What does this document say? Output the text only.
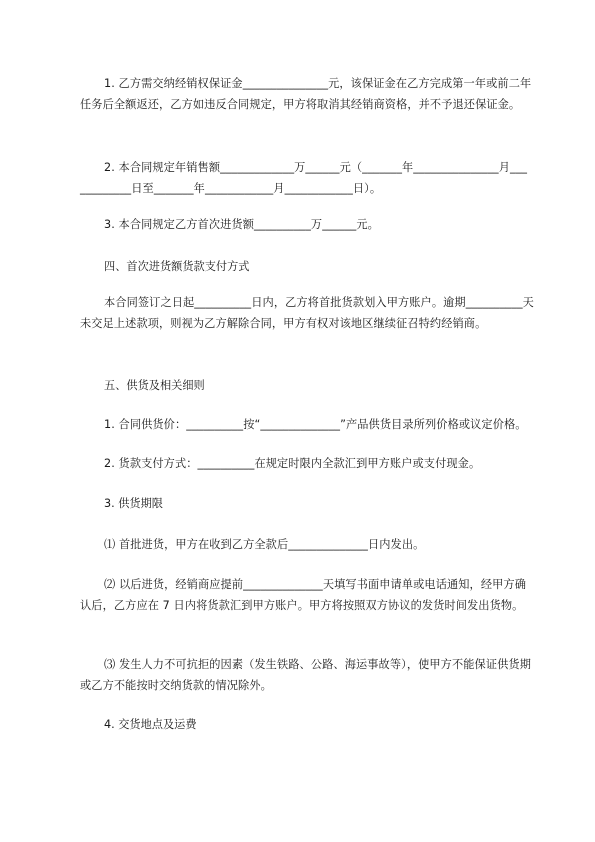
1. 乙方需交纳经销权保证金_______________元，该保证金在乙方完成第一年或前二年任务后全额返还，乙方如违反合同规定，甲方将取消其经销商资格，并不予退还保证金。
2. 本合同规定年销售额_____________万______元（_______年_______________月____________日至_______年____________月____________日）。
3. 本合同规定乙方首次进货额__________万______元。
四、首次进货额货款支付方式
本合同签订之日起__________日内，乙方将首批货款划入甲方账户。逾期__________天未交足上述款项，则视为乙方解除合同，甲方有权对该地区继续征召特约经销商。
五、供货及相关细则
1. 合同供货价：__________按“______________”产品供货目录所列价格或议定价格。
2. 货款支付方式：__________在规定时限内全款汇到甲方账户或支付现金。
3. 供货期限
⑴ 首批进货，甲方在收到乙方全款后______________日内发出。
⑵ 以后进货，经销商应提前______________天填写书面申请单或电话通知，经甲方确认后，乙方应在 7 日内将货款汇到甲方账户。甲方将按照双方协议的发货时间发出货物。
⑶ 发生人力不可抗拒的因素（发生铁路、公路、海运事故等），使甲方不能保证供货期或乙方不能按时交纳货款的情况除外。
4. 交货地点及运费
